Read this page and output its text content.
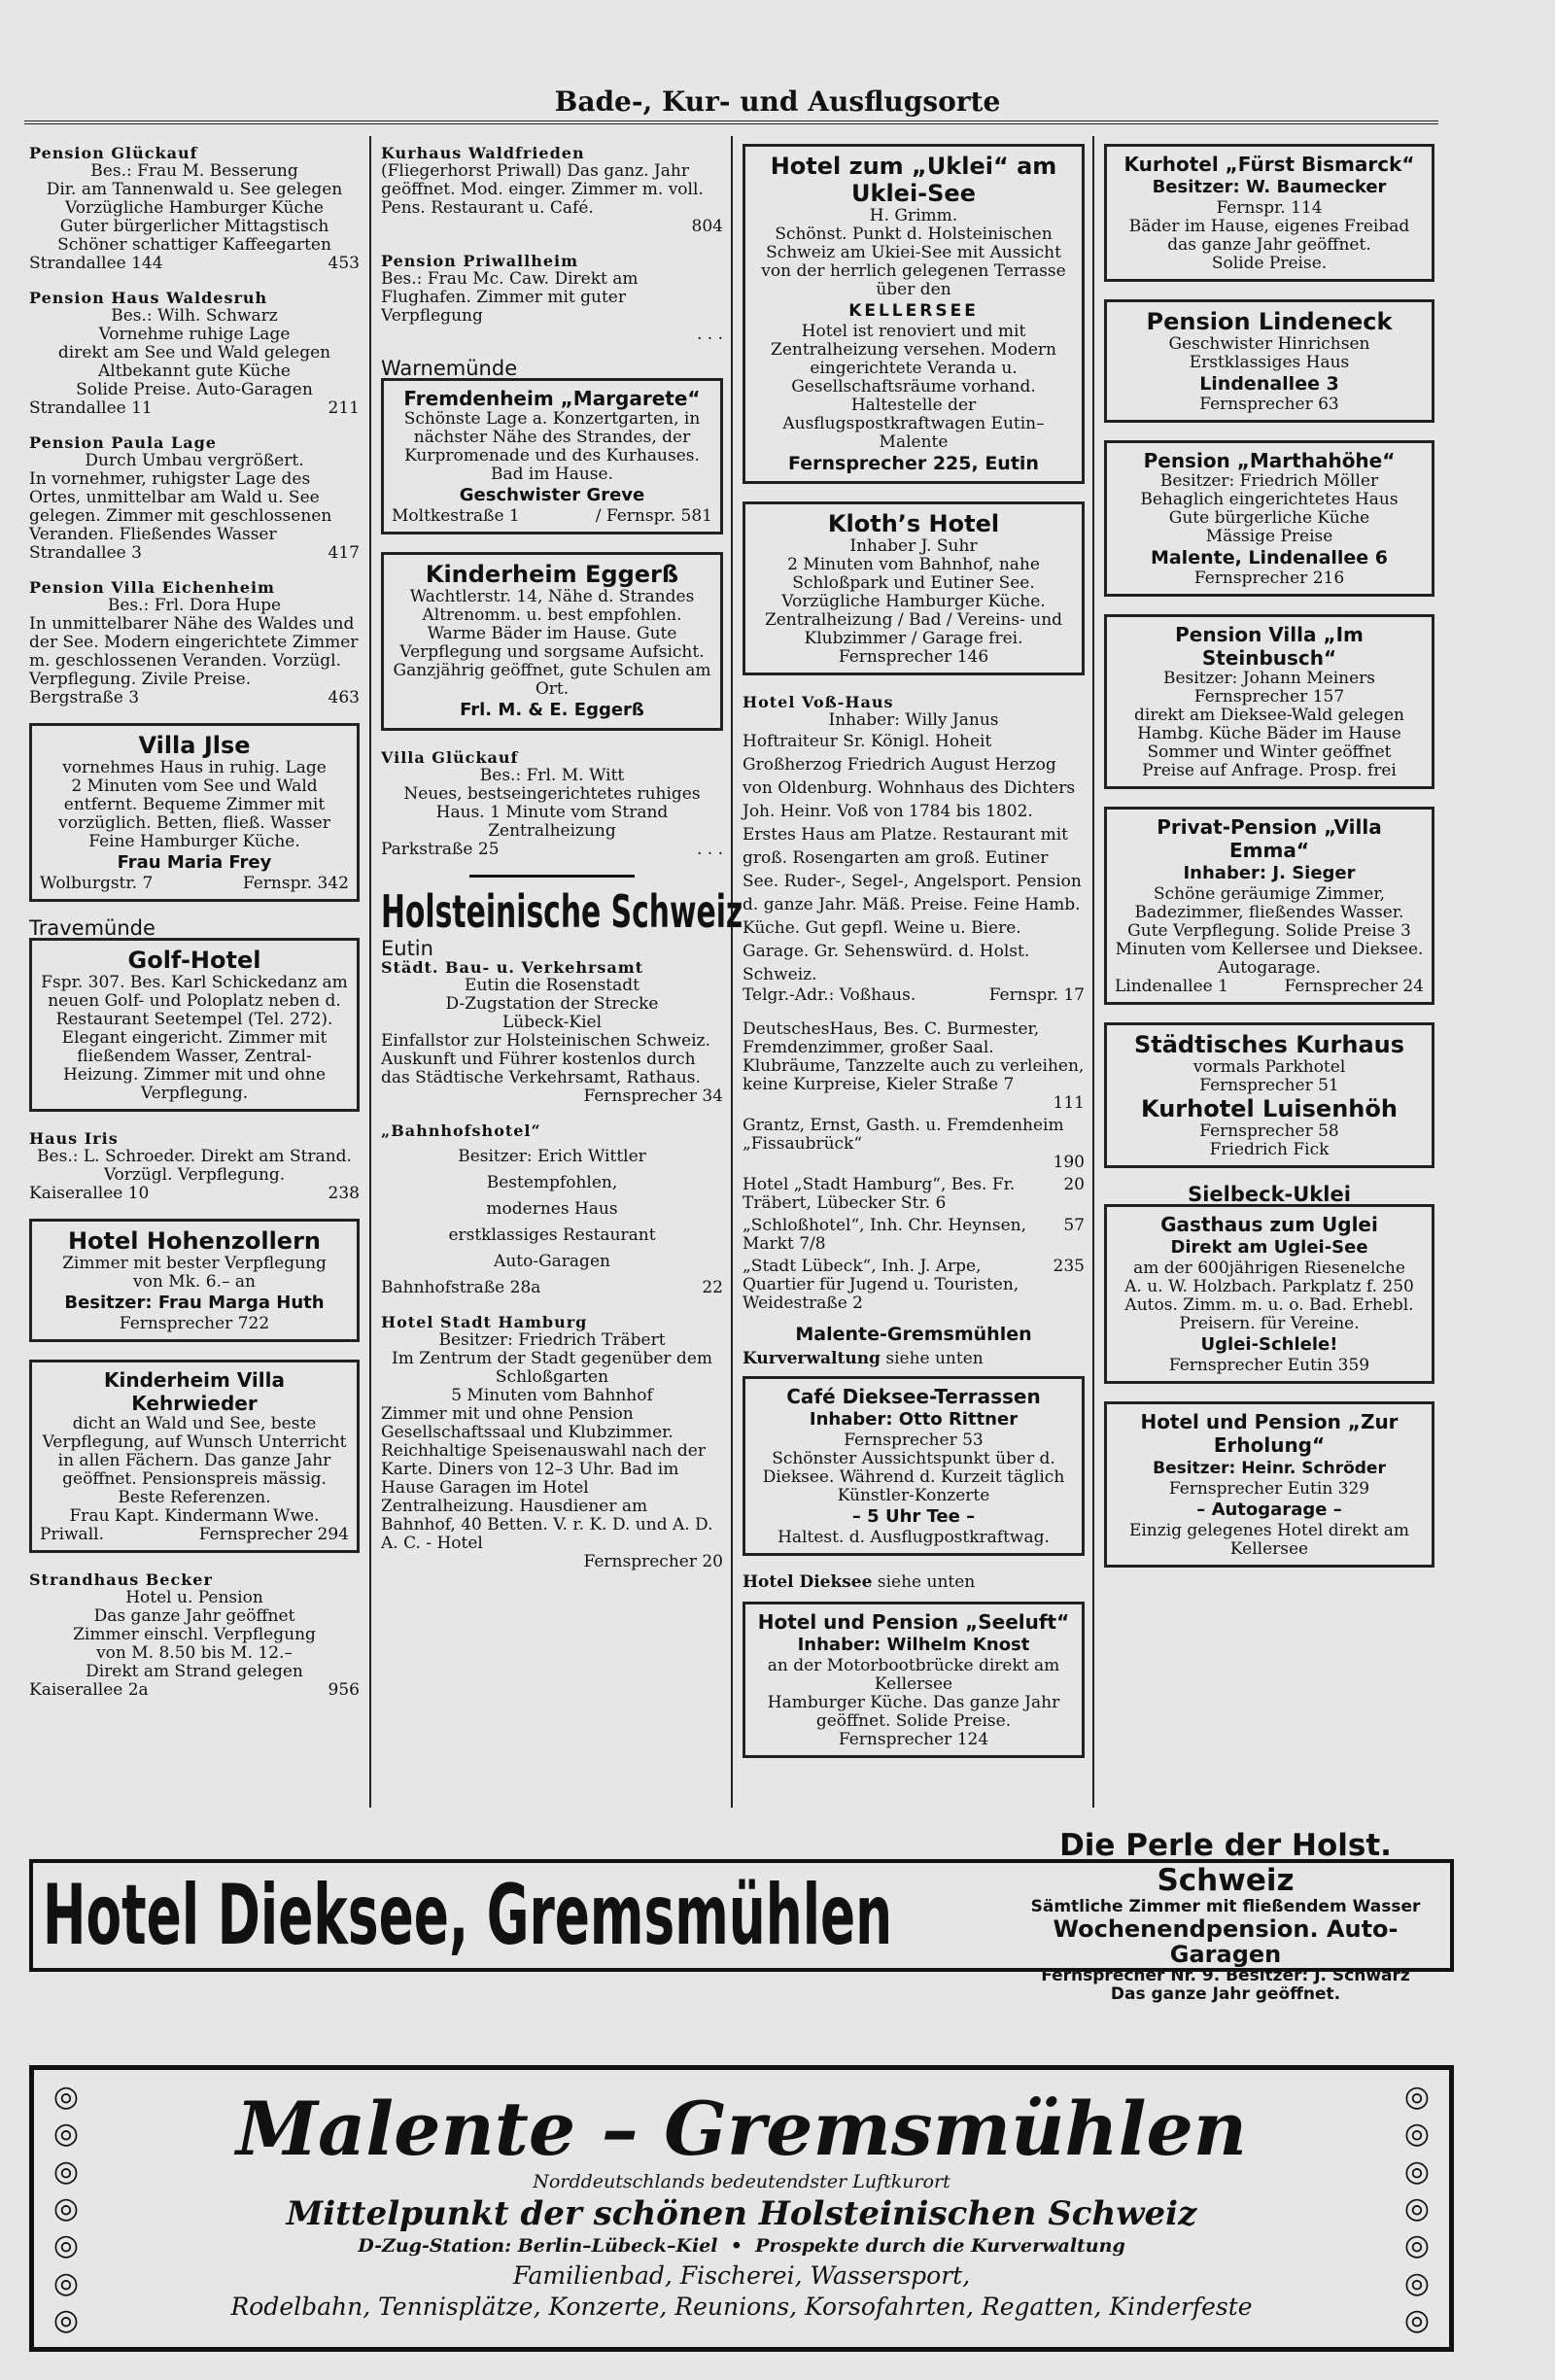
Bade-, Kur- und Ausflugsorte

Pension Glückauf

Bes.: Frau M. Besserung

Dir. am Tannenwald u. See gelegen

Vorzügliche Hamburger Küche

Guter bürgerlicher Mittagstisch

Schöner schattiger Kaffeegarten

Strandallee 144	453

Pension Haus Waldesruh

Bes.: Wilh. Schwarz

Vornehme ruhige Lage

direkt am See und Wald gelegen

Altbekannt gute Küche

Solide Preise. Auto-Garagen

Strandallee 11	211

Pension Paula Lage

Durch Umbau vergrößert.

In vornehmer, ruhigster Lage des Ortes, unmittelbar am Wald u. See gelegen. Zimmer mit geschlossenen Veranden. Fließendes Wasser

Strandallee 3	417

Pension Villa Eichenheim

Bes.: Frl. Dora Hupe

In unmittelbarer Nähe des Waldes und der See. Modern eingerichtete Zimmer m. geschlossenen Veranden. Vorzügl. Verpflegung. Zivile Preise.

Bergstraße 3	463

Villa Jlse

vornehmes Haus in ruhig. Lage

2 Minuten vom See und Wald entfernt. Bequeme Zimmer mit vorzüglich. Betten, fließ. Wasser

Feine Hamburger Küche.

Frau Maria Frey

Wolburgstr. 7	Fernspr. 342

Travemünde

Golf-Hotel

Fspr. 307. Bes. Karl Schickedanz am neuen Golf- und Poloplatz neben d. Restaurant Seetempel (Tel. 272). Elegant eingericht. Zimmer mit fließendem Wasser, Zentral-Heizung. Zimmer mit und ohne Verpflegung.

Haus Iris

Bes.: L. Schroeder. Direkt am Strand. Vorzügl. Verpflegung.

Kaiserallee 10	238

Hotel Hohenzollern

Zimmer mit bester Verpflegung

von Mk. 6.– an

Besitzer: Frau Marga Huth

Fernsprecher 722

Kinderheim Villa Kehrwieder

dicht an Wald und See, beste Verpflegung, auf Wunsch Unterricht in allen Fächern. Das ganze Jahr geöffnet. Pensionspreis mässig. Beste Referenzen.

Frau Kapt. Kindermann Wwe.

Priwall.	Fernsprecher 294

Strandhaus Becker

Hotel u. Pension

Das ganze Jahr geöffnet

Zimmer einschl. Verpflegung

von M. 8.50 bis M. 12.–

Direkt am Strand gelegen

Kaiserallee 2a	956

Kurhaus Waldfrieden

(Fliegerhorst Priwall) Das ganz. Jahr geöffnet. Mod. einger. Zimmer m. voll. Pens. Restaurant u. Café.

804

Pension Priwallheim

Bes.: Frau Mc. Caw. Direkt am Flughafen. Zimmer mit guter Verpflegung

. . .

Warnemünde

Fremdenheim „Margarete“

Schönste Lage a. Konzertgarten, in nächster Nähe des Strandes, der Kurpromenade und des Kurhauses. Bad im Hause.

Geschwister Greve

Moltkestraße 1	/ Fernspr. 581

Kinderheim Eggerß

Wachtlerstr. 14, Nähe d. Strandes Altrenomm. u. best empfohlen. Warme Bäder im Hause. Gute Verpflegung und sorgsame Aufsicht. Ganzjährig geöffnet, gute Schulen am Ort.

Frl. M. & E. Eggerß

Villa Glückauf

Bes.: Frl. M. Witt

Neues, bestseingerichtetes ruhiges Haus. 1 Minute vom Strand Zentralheizung

Parkstraße 25	. . .

Holsteinische Schweiz

Eutin

Städt. Bau- u. Verkehrsamt

Eutin die Rosenstadt

D-Zugstation der Strecke

Lübeck-Kiel

Einfallstor zur Holsteinischen Schweiz. Auskunft und Führer kostenlos durch das Städtische Verkehrsamt, Rathaus.

Fernsprecher 34

„Bahnhofshotel“

Besitzer: Erich Wittler

Bestempfohlen,

modernes Haus

erstklassiges Restaurant

Auto-Garagen

Bahnhofstraße 28a	22

Hotel Stadt Hamburg

Besitzer: Friedrich Träbert

Im Zentrum der Stadt gegenüber dem Schloßgarten

5 Minuten vom Bahnhof

Zimmer mit und ohne Pension Gesellschaftssaal und Klubzimmer. Reichhaltige Speisenauswahl nach der Karte. Diners von 12–3 Uhr. Bad im Hause Garagen im Hotel Zentralheizung. Hausdiener am Bahnhof, 40 Betten. V. r. K. D. und A. D. A. C. - Hotel

Fernsprecher 20

Hotel zum „Uklei“ am Uklei-See

H. Grimm.

Schönst. Punkt d. Holsteinischen Schweiz am Ukiei-See mit Aussicht von der herrlich gelegenen Terrasse über den

KELLERSEE

Hotel ist renoviert und mit Zentralheizung versehen. Modern eingerichtete Veranda u. Gesellschaftsräume vorhand. Haltestelle der Ausflugspostkraftwagen Eutin–Malente

Fernsprecher 225, Eutin

Kloth’s Hotel

Inhaber J. Suhr

2 Minuten vom Bahnhof, nahe Schloßpark und Eutiner See. Vorzügliche Hamburger Küche. Zentralheizung / Bad / Vereins- und Klubzimmer / Garage frei.

Fernsprecher 146

Hotel Voß-Haus

Inhaber: Willy Janus

Hoftraiteur Sr. Königl. Hoheit Großherzog Friedrich August Herzog von Oldenburg. Wohnhaus des Dichters Joh. Heinr. Voß von 1784 bis 1802. Erstes Haus am Platze. Restaurant mit groß. Rosengarten am groß. Eutiner See. Ruder-, Segel-, Angelsport. Pension d. ganze Jahr. Mäß. Preise. Feine Hamb. Küche. Gut gepfl. Weine u. Biere. Garage. Gr. Sehenswürd. d. Holst. Schweiz.

Telgr.-Adr.: Voßhaus.	Fernspr. 17

DeutschesHaus, Bes. C. Burmester, Fremdenzimmer, großer Saal. Klubräume, Tanzzelte auch zu verleihen, keine Kurpreise, Kieler Straße 7

111

Grantz, Ernst, Gasth. u. Fremdenheim „Fissaubrück“

190
Hotel „Stadt Hamburg“, Bes. Fr. Träbert, Lübecker Str. 6
20
„Schloßhotel“, Inh. Chr. Heynsen, Markt 7/8
57
„Stadt Lübeck“, Inh. J. Arpe, Quartier für Jugend u. Touristen, Weidestraße 2
235

Malente-Gremsmühlen

Kurverwaltung siehe unten

Café Dieksee-Terrassen

Inhaber: Otto Rittner

Fernsprecher 53

Schönster Aussichtspunkt über d. Dieksee. Während d. Kurzeit täglich Künstler-Konzerte

– 5 Uhr Tee –

Haltest. d. Ausflugpostkraftwag.

Hotel Dieksee siehe unten

Hotel und Pension „Seeluft“

Inhaber: Wilhelm Knost

an der Motorbootbrücke direkt am Kellersee

Hamburger Küche. Das ganze Jahr geöffnet. Solide Preise.

Fernsprecher 124

Kurhotel „Fürst Bismarck“

Besitzer: W. Baumecker

Fernspr. 114

Bäder im Hause, eigenes Freibad das ganze Jahr geöffnet.

Solide Preise.

Pension Lindeneck

Geschwister Hinrichsen

Erstklassiges Haus

Lindenallee 3

Fernsprecher 63

Pension „Marthahöhe“

Besitzer: Friedrich Möller

Behaglich eingerichtetes Haus

Gute bürgerliche Küche

Mässige Preise

Malente, Lindenallee 6

Fernsprecher 216

Pension Villa „Im Steinbusch“

Besitzer: Johann Meiners

Fernsprecher 157

direkt am Dieksee-Wald gelegen Hambg. Küche Bäder im Hause Sommer und Winter geöffnet

Preise auf Anfrage. Prosp. frei

Privat-Pension „Villa Emma“

Inhaber: J. Sieger

Schöne geräumige Zimmer, Badezimmer, fließendes Wasser. Gute Verpflegung. Solide Preise 3 Minuten vom Kellersee und Dieksee. Autogarage.

Lindenallee 1	Fernsprecher 24

Städtisches Kurhaus

vormals Parkhotel

Fernsprecher 51

Kurhotel Luisenhöh

Fernsprecher 58

Friedrich Fick

Sielbeck-Uklei

Gasthaus zum Uglei

Direkt am Uglei-See

am der 600jährigen Riesenelche

A. u. W. Holzbach. Parkplatz f. 250 Autos. Zimm. m. u. o. Bad. Erhebl. Preisern. für Vereine.

Uglei-Schlele!

Fernsprecher Eutin 359

Hotel und Pension „Zur Erholung“

Besitzer: Heinr. Schröder

Fernsprecher Eutin 329

– Autogarage –

Einzig gelegenes Hotel direkt am Kellersee

Hotel Dieksee, Gremsmühlen

Die Perle der Holst. Schweiz

Sämtliche Zimmer mit fließendem Wasser

Wochenendpension. Auto-Garagen

Fernsprecher Nr. 9. Besitzer: J. Schwarz

Das ganze Jahr geöffnet.

◎
◎
◎
◎
◎
◎
◎
◎
◎
◎
◎
◎
◎
◎

Malente – Gremsmühlen

Norddeutschlands bedeutendster Luftkurort

Mittelpunkt der schönen Holsteinischen Schweiz

D-Zug-Station: Berlin–Lübeck–Kiel  •  Prospekte durch die Kurverwaltung

Familienbad, Fischerei, Wassersport,

Rodelbahn, Tennisplätze, Konzerte, Reunions, Korsofahrten, Regatten, Kinderfeste
